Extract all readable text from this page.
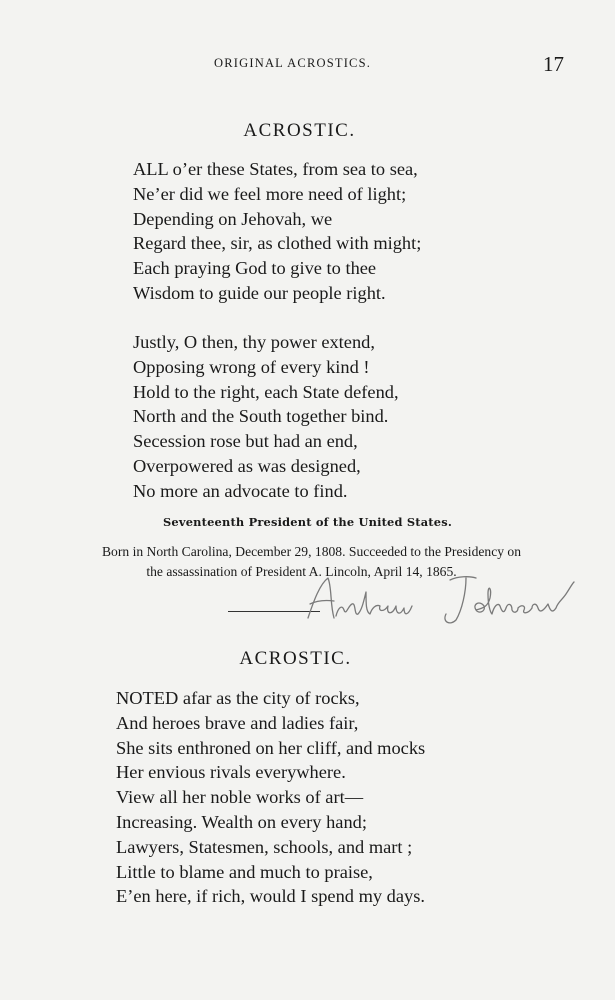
ORIGINAL ACROSTICS.	17
ACROSTIC.
ALL o’er these States, from sea to sea,
Ne’er did we feel more need of light;
Depending on Jehovah, we
Regard thee, sir, as clothed with might;
Each praying God to give to thee
Wisdom to guide our people right.
Justly, O then, thy power extend,
Opposing wrong of every kind !
Hold to the right, each State defend,
North and the South together bind.
Secession rose but had an end,
Overpowered as was designed,
No more an advocate to find.
Seventeenth President of the United States.
Born in North Carolina, December 29, 1808. Succeeded to the Presidency on
the assassination of President A. Lincoln, April 14, 1865.
ACROSTIC.
NOTED afar as the city of rocks,
And heroes brave and ladies fair,
She sits enthroned on her cliff, and mocks
Her envious rivals everywhere.
View all her noble works of art—
Increasing. Wealth on every hand;
Lawyers, Statesmen, schools, and mart ;
Little to blame and much to praise,
E’en here, if rich, would I spend my days.
